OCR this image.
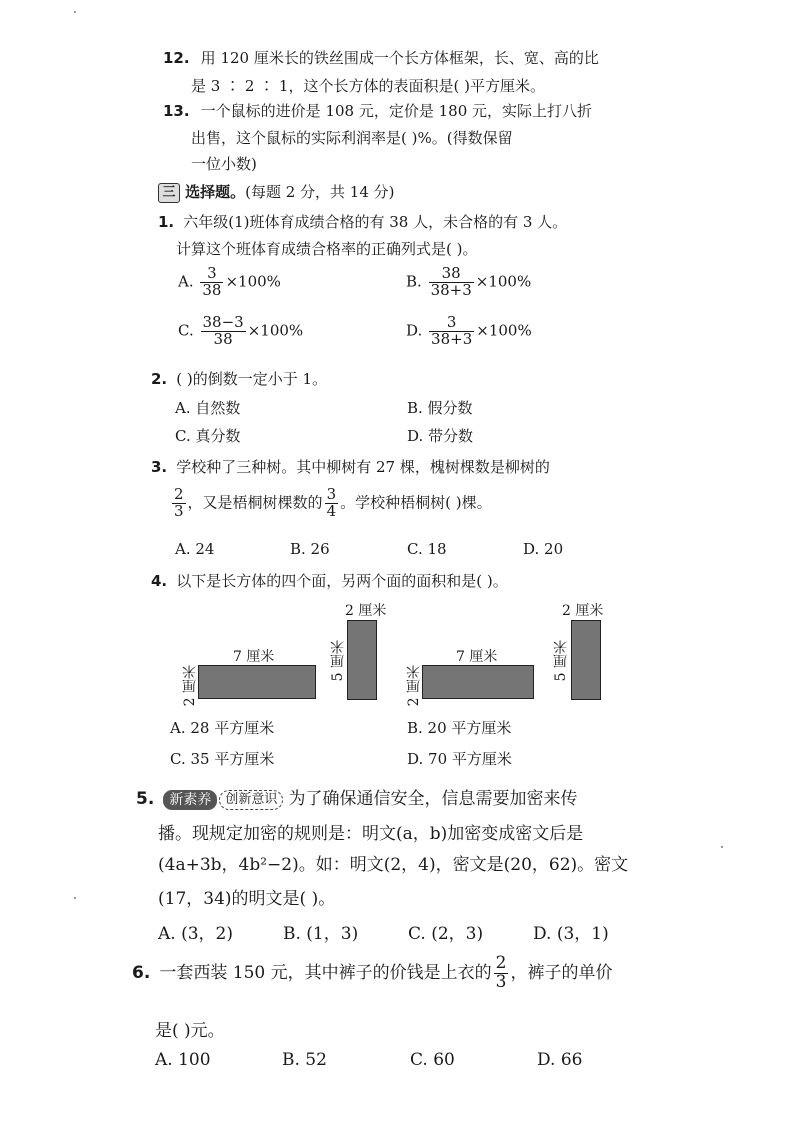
12. 用 120 厘米长的铁丝围成一个长方体框架，长、宽、高的比
是 3 ∶ 2 ∶ 1，这个长方体的表面积是( )平方厘米。
13. 一个鼠标的进价是 108 元，定价是 180 元，实际上打八折
出售，这个鼠标的实际利润率是( )%。(得数保留
一位小数)
三 选择题。(每题 2 分，共 14 分)
1. 六年级(1)班体育成绩合格的有 38 人，未合格的有 3 人。
计算这个班体育成绩合格率的正确列式是( )。
A. $\frac{3}{38} \times 100\%$	B. $\frac{38}{38+3} \times 100\%$
C. $\frac{38-3}{38} \times 100\%$	D. $\frac{3}{38+3} \times 100\%$
2. ( )的倒数一定小于 1。
A. 自然数	B. 假分数
C. 真分数	D. 带分数
3. 学校种了三种树。其中柳树有 27 棵，槐树棵数是柳树的
$\frac{2}{3}$ ，又是梧桐树棵数的 $\frac{3}{4}$ 。学校种梧桐树( )棵。
A. 24	B. 26	C. 18	D. 20
4. 以下是长方体的四个面，另两个面的面积和是( )。
2 厘米	2 厘米
5 厘米	5 厘米
7 厘米	7 厘米
2 厘米	2 厘米
A. 28 平方厘米	B. 20 平方厘米
C. 35 平方厘米	D. 70 平方厘米
5. 新素养 创新意识 为了确保通信安全，信息需要加密来传
播。现规定加密的规则是：明文(a，b)加密变成密文后是
(4a+3b，4b²−2)。如：明文(2，4)，密文是(20，62)。密文
(17，34)的明文是( )。
A. (3，2)	B. (1，3)	C. (2，3)	D. (3，1)
6. 一套西装 150 元，其中裤子的价钱是上衣的 $\frac{2}{3}$ ，裤子的单价
是( )元。
A. 100	B. 52	C. 60	D. 66
